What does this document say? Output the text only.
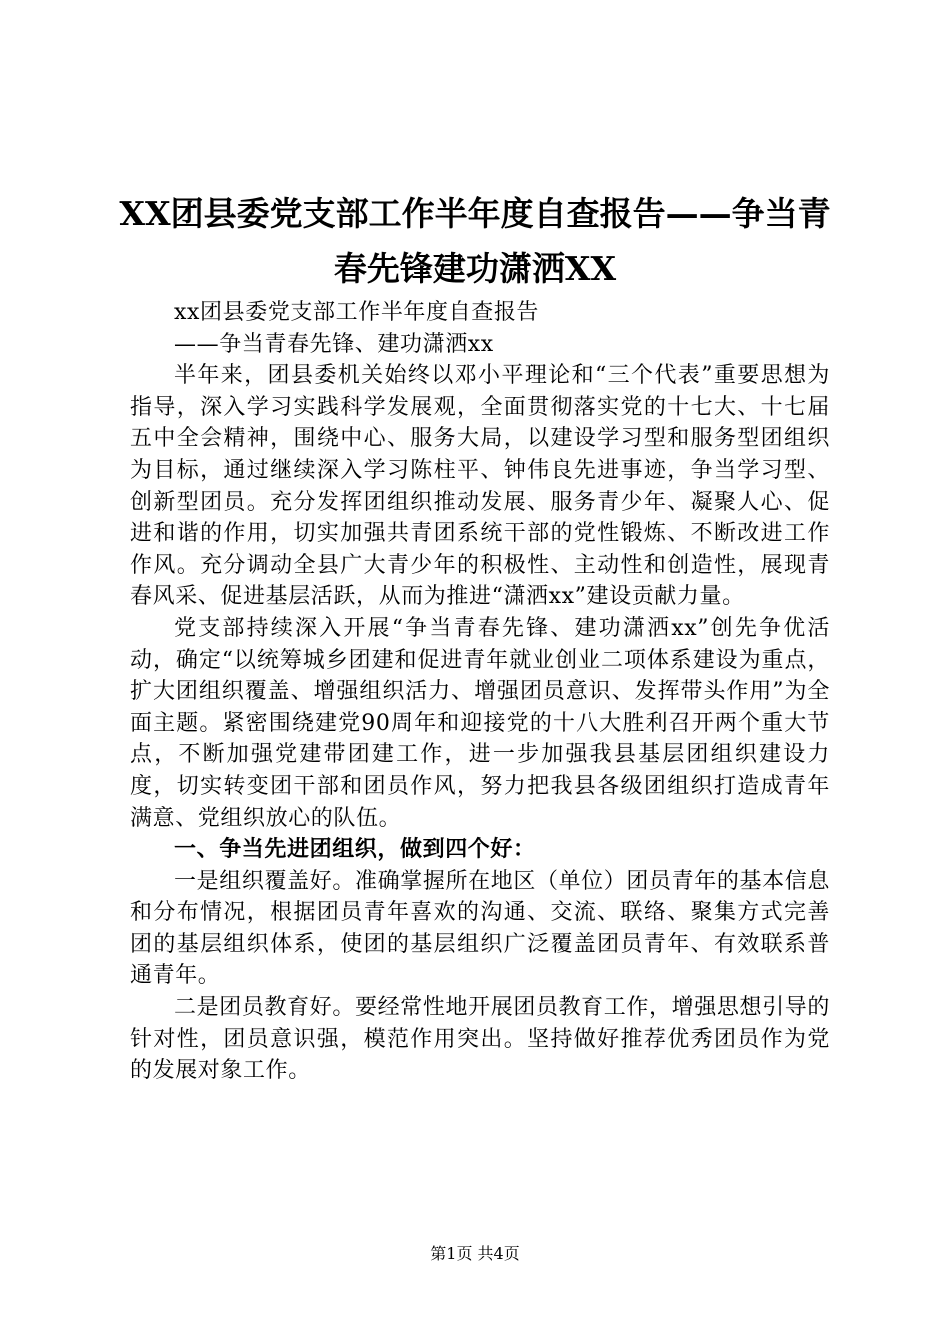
XX团县委党支部工作半年度自查报告——争当青春先锋建功潇洒XX

xx团县委党支部工作半年度自查报告

——争当青春先锋、建功潇洒xx

半年来，团县委机关始终以邓小平理论和“三个代表”重要思想为指导，深入学习实践科学发展观，全面贯彻落实党的十七大、十七届五中全会精神，围绕中心、服务大局，以建设学习型和服务型团组织为目标，通过继续深入学习陈柱平、钟伟良先进事迹，争当学习型、创新型团员。充分发挥团组织推动发展、服务青少年、凝聚人心、促进和谐的作用，切实加强共青团系统干部的党性锻炼、不断改进工作作风。充分调动全县广大青少年的积极性、主动性和创造性，展现青春风采、促进基层活跃，从而为推进“潇洒xx”建设贡献力量。

党支部持续深入开展“争当青春先锋、建功潇洒xx”创先争优活动，确定“以统筹城乡团建和促进青年就业创业二项体系建设为重点，扩大团组织覆盖、增强组织活力、增强团员意识、发挥带头作用”为全面主题。紧密围绕建党90周年和迎接党的十八大胜利召开两个重大节点，不断加强党建带团建工作，进一步加强我县基层团组织建设力度，切实转变团干部和团员作风，努力把我县各级团组织打造成青年满意、党组织放心的队伍。

一、争当先进团组织，做到四个好：

一是组织覆盖好。准确掌握所在地区（单位）团员青年的基本信息和分布情况，根据团员青年喜欢的沟通、交流、联络、聚集方式完善团的基层组织体系，使团的基层组织广泛覆盖团员青年、有效联系普通青年。

二是团员教育好。要经常性地开展团员教育工作，增强思想引导的针对性，团员意识强，模范作用突出。坚持做好推荐优秀团员作为党的发展对象工作。

第1页 共4页
